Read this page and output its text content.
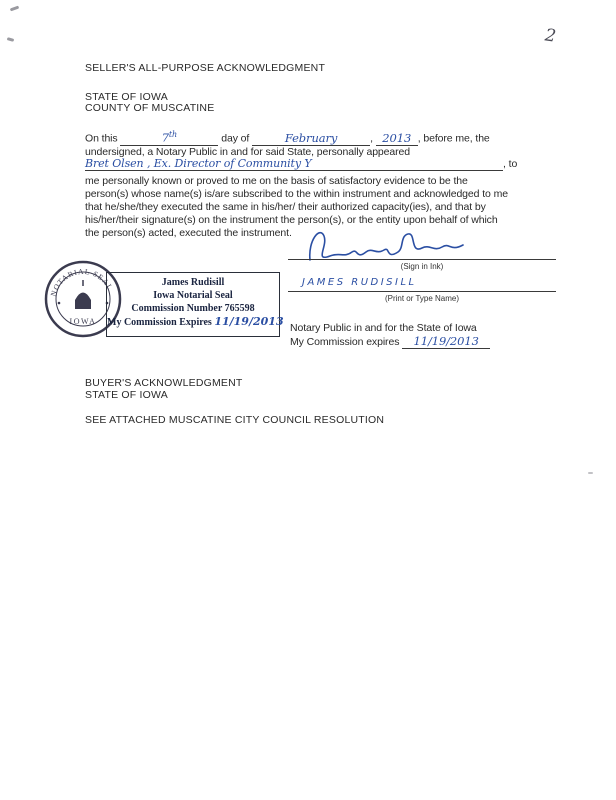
2
SELLER'S ALL-PURPOSE ACKNOWLEDGMENT
STATE OF IOWA
COUNTY OF MUSCATINE
On this	7th	day of	February	, 2013 , before me, the
undersigned, a Notary Public in and for said State, personally appeared
Bret Olsen , Ex. Director of Community Y	, to
me personally known or proved to me on the basis of satisfactory evidence to be the
person(s) whose name(s) is/are subscribed to the within instrument and acknowledged to me
that he/she/they executed the same in his/her/ their authorized capacity(ies), and that by
his/her/their signature(s) on the instrument the person(s), or the entity upon behalf of which
the person(s) acted, executed the instrument.
(Sign in Ink)
JAMES RUDISILL
(Print or Type Name)
NOTARIAL SEAL
IOWA
James Rudisill
Iowa Notarial Seal
Commission Number 765598
My Commission Expires 11/19/2013 Notary Public in and for the State of Iowa
My Commission expires 11/19/2013
BUYER'S ACKNOWLEDGMENT
STATE OF IOWA
SEE ATTACHED MUSCATINE CITY COUNCIL RESOLUTION
